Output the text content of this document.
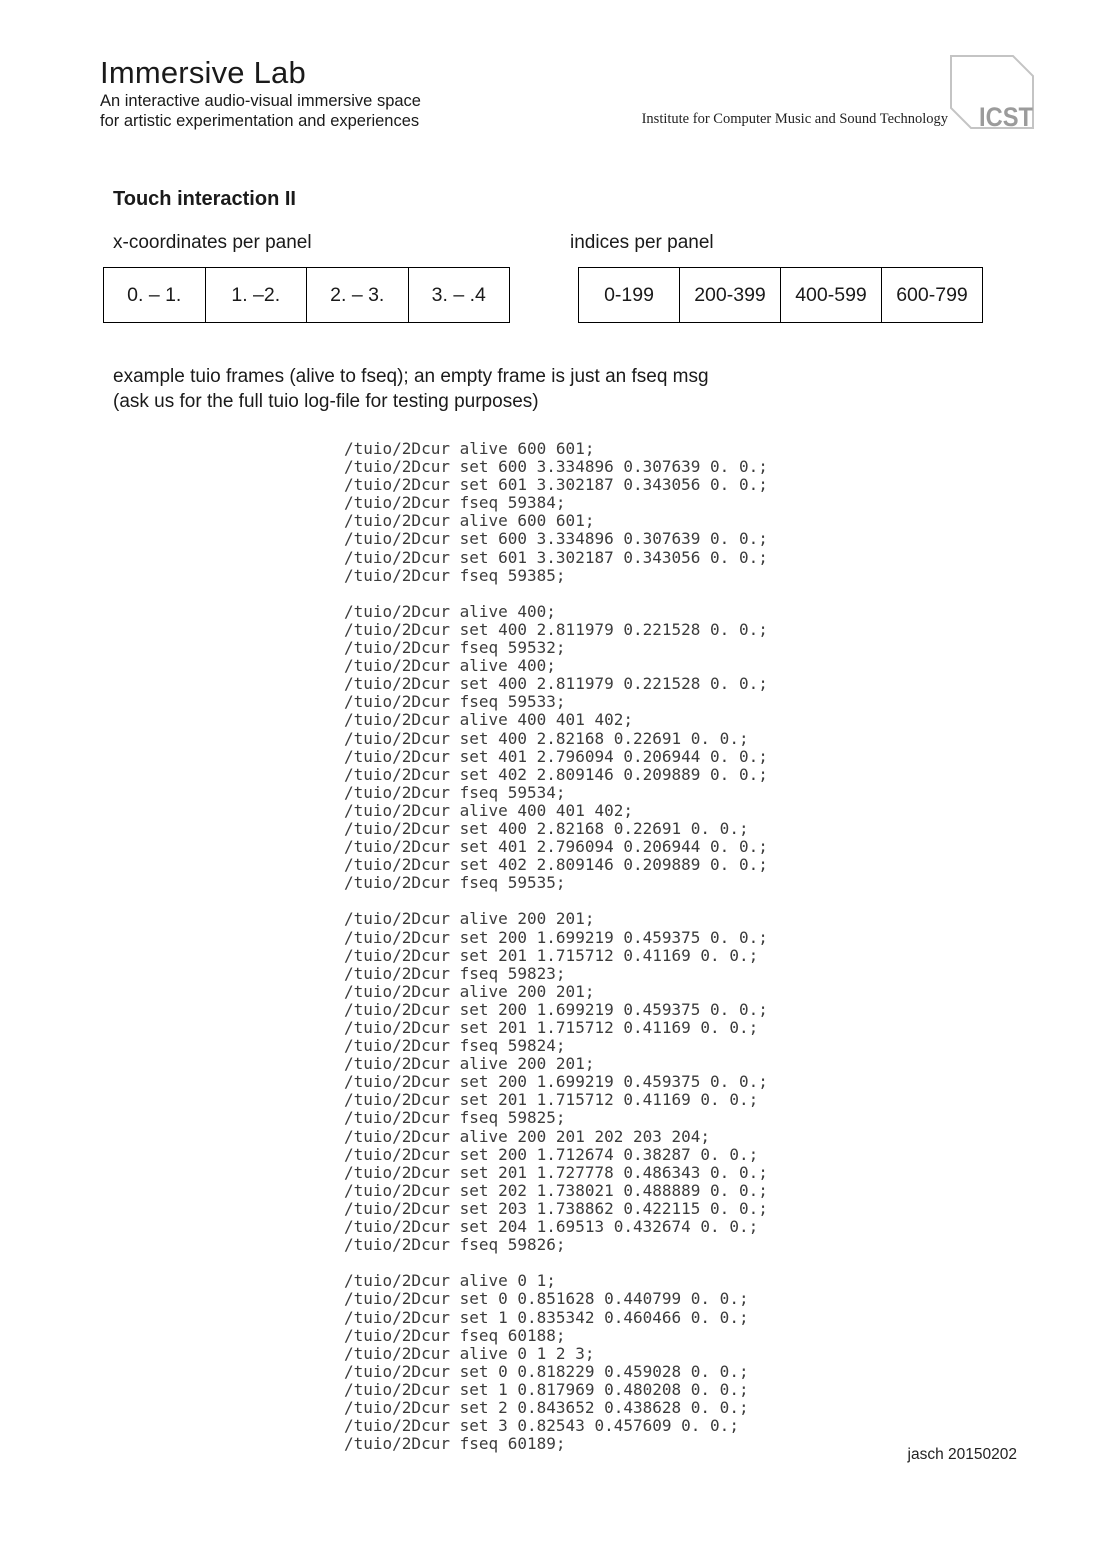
Immersive Lab
An interactive audio-visual immersive space
for artistic experimentation and experiences	Institute for Computer Music and Sound Technology ICST
Touch interaction II
x-coordinates per panel	indices per panel
0. – 1.	1. –2.	2. – 3.	3. – .4	0-199	200-399	400-599	600-799
example tuio frames (alive to fseq); an empty frame is just an fseq msg
(ask us for the full tuio log-file for testing purposes)
/tuio/2Dcur alive 600 601;
/tuio/2Dcur set 600 3.334896 0.307639 0. 0.;
/tuio/2Dcur set 601 3.302187 0.343056 0. 0.;
/tuio/2Dcur fseq 59384;
/tuio/2Dcur alive 600 601;
/tuio/2Dcur set 600 3.334896 0.307639 0. 0.;
/tuio/2Dcur set 601 3.302187 0.343056 0. 0.;
/tuio/2Dcur fseq 59385;
/tuio/2Dcur alive 400;
/tuio/2Dcur set 400 2.811979 0.221528 0. 0.;
/tuio/2Dcur fseq 59532;
/tuio/2Dcur alive 400;
/tuio/2Dcur set 400 2.811979 0.221528 0. 0.;
/tuio/2Dcur fseq 59533;
/tuio/2Dcur alive 400 401 402;
/tuio/2Dcur set 400 2.82168 0.22691 0. 0.;
/tuio/2Dcur set 401 2.796094 0.206944 0. 0.;
/tuio/2Dcur set 402 2.809146 0.209889 0. 0.;
/tuio/2Dcur fseq 59534;
/tuio/2Dcur alive 400 401 402;
/tuio/2Dcur set 400 2.82168 0.22691 0. 0.;
/tuio/2Dcur set 401 2.796094 0.206944 0. 0.;
/tuio/2Dcur set 402 2.809146 0.209889 0. 0.;
/tuio/2Dcur fseq 59535;
/tuio/2Dcur alive 200 201;
/tuio/2Dcur set 200 1.699219 0.459375 0. 0.;
/tuio/2Dcur set 201 1.715712 0.41169 0. 0.;
/tuio/2Dcur fseq 59823;
/tuio/2Dcur alive 200 201;
/tuio/2Dcur set 200 1.699219 0.459375 0. 0.;
/tuio/2Dcur set 201 1.715712 0.41169 0. 0.;
/tuio/2Dcur fseq 59824;
/tuio/2Dcur alive 200 201;
/tuio/2Dcur set 200 1.699219 0.459375 0. 0.;
/tuio/2Dcur set 201 1.715712 0.41169 0. 0.;
/tuio/2Dcur fseq 59825;
/tuio/2Dcur alive 200 201 202 203 204;
/tuio/2Dcur set 200 1.712674 0.38287 0. 0.;
/tuio/2Dcur set 201 1.727778 0.486343 0. 0.;
/tuio/2Dcur set 202 1.738021 0.488889 0. 0.;
/tuio/2Dcur set 203 1.738862 0.422115 0. 0.;
/tuio/2Dcur set 204 1.69513 0.432674 0. 0.;
/tuio/2Dcur fseq 59826;
/tuio/2Dcur alive 0 1;
/tuio/2Dcur set 0 0.851628 0.440799 0. 0.;
/tuio/2Dcur set 1 0.835342 0.460466 0. 0.;
/tuio/2Dcur fseq 60188;
/tuio/2Dcur alive 0 1 2 3;
/tuio/2Dcur set 0 0.818229 0.459028 0. 0.;
/tuio/2Dcur set 1 0.817969 0.480208 0. 0.;
/tuio/2Dcur set 2 0.843652 0.438628 0. 0.;
/tuio/2Dcur set 3 0.82543 0.457609 0. 0.;
/tuio/2Dcur fseq 60189;
jasch 20150202
